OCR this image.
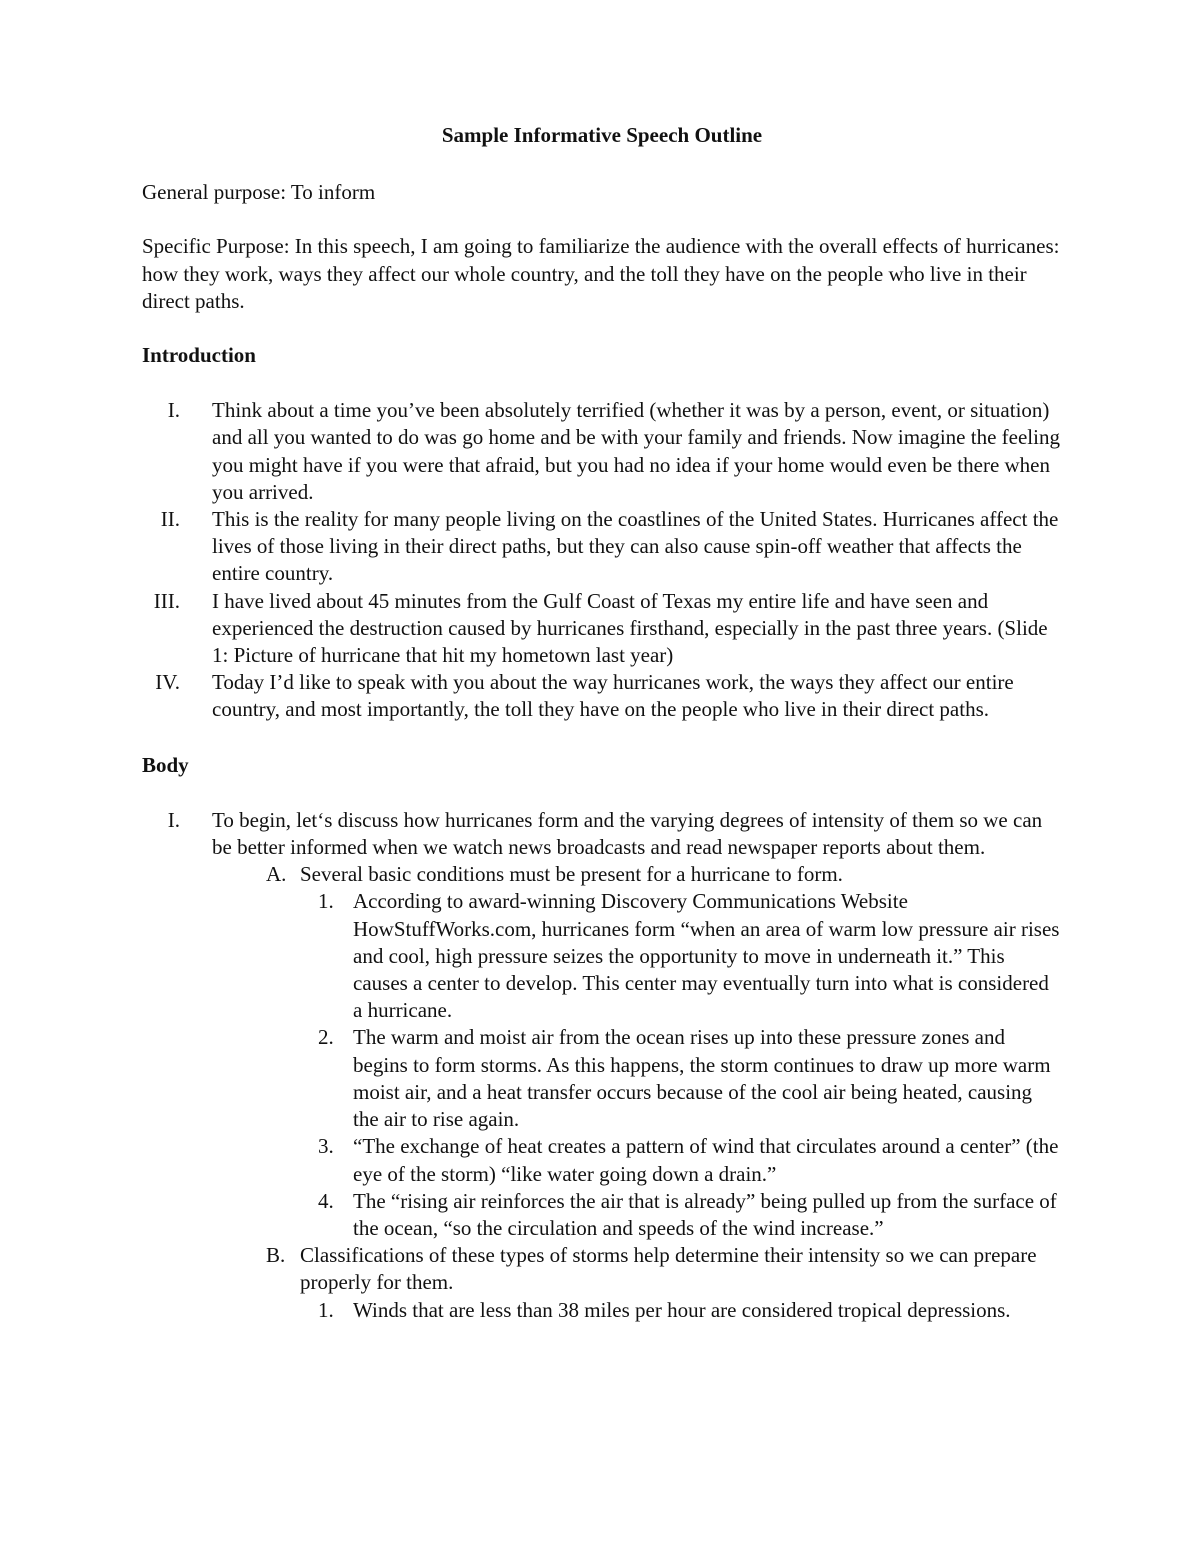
Sample Informative Speech Outline
General purpose: To inform
Specific Purpose: In this speech, I am going to familiarize the audience with the overall effects of hurricanes: how they work, ways they affect our whole country, and the toll they have on the people who live in their direct paths.
Introduction
I. Think about a time you’ve been absolutely terrified (whether it was by a person, event, or situation) and all you wanted to do was go home and be with your family and friends. Now imagine the feeling you might have if you were that afraid, but you had no idea if your home would even be there when you arrived.
II. This is the reality for many people living on the coastlines of the United States. Hurricanes affect the lives of those living in their direct paths, but they can also cause spin-off weather that affects the entire country.
III. I have lived about 45 minutes from the Gulf Coast of Texas my entire life and have seen and experienced the destruction caused by hurricanes firsthand, especially in the past three years. (Slide 1: Picture of hurricane that hit my hometown last year)
IV. Today I’d like to speak with you about the way hurricanes work, the ways they affect our entire country, and most importantly, the toll they have on the people who live in their direct paths.
Body
I. To begin, let‘s discuss how hurricanes form and the varying degrees of intensity of them so we can be better informed when we watch news broadcasts and read newspaper reports about them.
A. Several basic conditions must be present for a hurricane to form.
1. According to award-winning Discovery Communications Website HowStuffWorks.com, hurricanes form “when an area of warm low pressure air rises and cool, high pressure seizes the opportunity to move in underneath it.” This causes a center to develop. This center may eventually turn into what is considered a hurricane.
2. The warm and moist air from the ocean rises up into these pressure zones and begins to form storms. As this happens, the storm continues to draw up more warm moist air, and a heat transfer occurs because of the cool air being heated, causing the air to rise again.
3. “The exchange of heat creates a pattern of wind that circulates around a center” (the eye of the storm) “like water going down a drain.”
4. The “rising air reinforces the air that is already” being pulled up from the surface of the ocean, “so the circulation and speeds of the wind increase.”
B. Classifications of these types of storms help determine their intensity so we can prepare properly for them.
1. Winds that are less than 38 miles per hour are considered tropical depressions.
